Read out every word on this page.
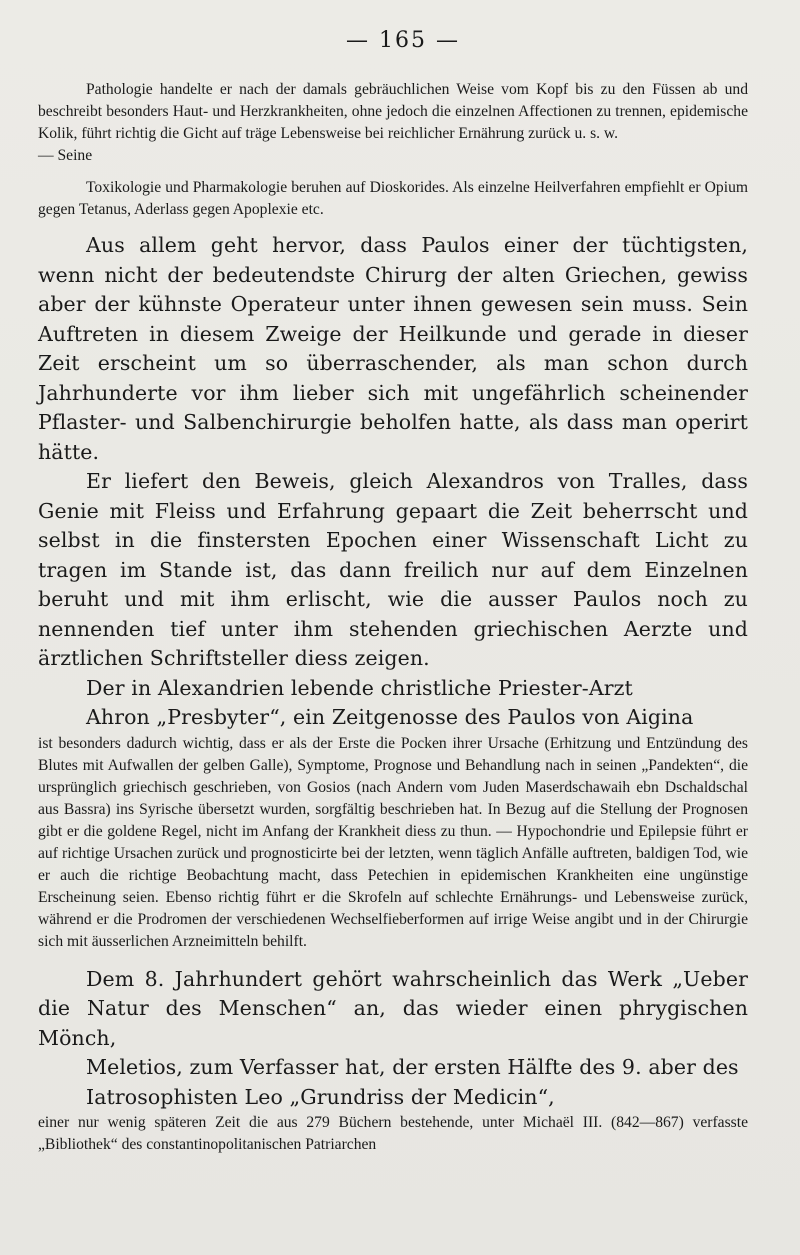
— 165 —

Pathologie handelte er nach der damals gebräuchlichen Weise vom Kopf bis zu den Füssen ab und beschreibt besonders Haut- und Herzkrankheiten, ohne jedoch die einzelnen Affectionen zu trennen, epidemische Kolik, führt richtig die Gicht auf träge Lebensweise bei reichlicher Ernährung zurück u. s. w.

— Seine

Toxikologie und Pharmakologie beruhen auf Dioskorides. Als einzelne Heilverfahren empfiehlt er Opium gegen Tetanus, Aderlass gegen Apoplexie etc.

Aus allem geht hervor, dass Paulos einer der tüchtigsten, wenn nicht der bedeutendste Chirurg der alten Griechen, gewiss aber der kühnste Operateur unter ihnen gewesen sein muss. Sein Auftreten in diesem Zweige der Heilkunde und gerade in dieser Zeit erscheint um so überraschender, als man schon durch Jahrhunderte vor ihm lieber sich mit ungefährlich scheinender Pflaster- und Salbenchirurgie beholfen hatte, als dass man operirt hätte.

Er liefert den Beweis, gleich Alexandros von Tralles, dass Genie mit Fleiss und Erfahrung gepaart die Zeit beherrscht und selbst in die finstersten Epochen einer Wissenschaft Licht zu tragen im Stande ist, das dann freilich nur auf dem Einzelnen beruht und mit ihm erlischt, wie die ausser Paulos noch zu nennenden tief unter ihm stehenden griechischen Aerzte und ärztlichen Schriftsteller diess zeigen.

Der in Alexandrien lebende christliche Priester-Arzt

Ahron „Presbyter“, ein Zeitgenosse des Paulos von Aigina

ist besonders dadurch wichtig, dass er als der Erste die Pocken ihrer Ursache (Erhitzung und Entzündung des Blutes mit Aufwallen der gelben Galle), Symptome, Prognose und Behandlung nach in seinen „Pandekten“, die ursprünglich griechisch geschrieben, von Gosios (nach Andern vom Juden Maserdschawaih ebn Dschaldschal aus Bassra) ins Syrische übersetzt wurden, sorgfältig beschrieben hat. In Bezug auf die Stellung der Prognosen gibt er die goldene Regel, nicht im Anfang der Krankheit diess zu thun. — Hypochondrie und Epilepsie führt er auf richtige Ursachen zurück und prognosticirte bei der letzten, wenn täglich Anfälle auftreten, baldigen Tod, wie er auch die richtige Beobachtung macht, dass Petechien in epidemischen Krankheiten eine ungünstige Erscheinung seien. Ebenso richtig führt er die Skrofeln auf schlechte Ernährungs- und Lebensweise zurück, während er die Prodromen der verschiedenen Wechselfieberformen auf irrige Weise angibt und in der Chirurgie sich mit äusserlichen Arzneimitteln behilft.

Dem 8. Jahrhundert gehört wahrscheinlich das Werk „Ueber die Natur des Menschen“ an, das wieder einen phrygischen Mönch,

Meletios, zum Verfasser hat, der ersten Hälfte des 9. aber des

Iatrosophisten Leo „Grundriss der Medicin“,

einer nur wenig späteren Zeit die aus 279 Büchern bestehende, unter Michaël III. (842—867) verfasste „Bibliothek“ des constantinopolitanischen Patriarchen
